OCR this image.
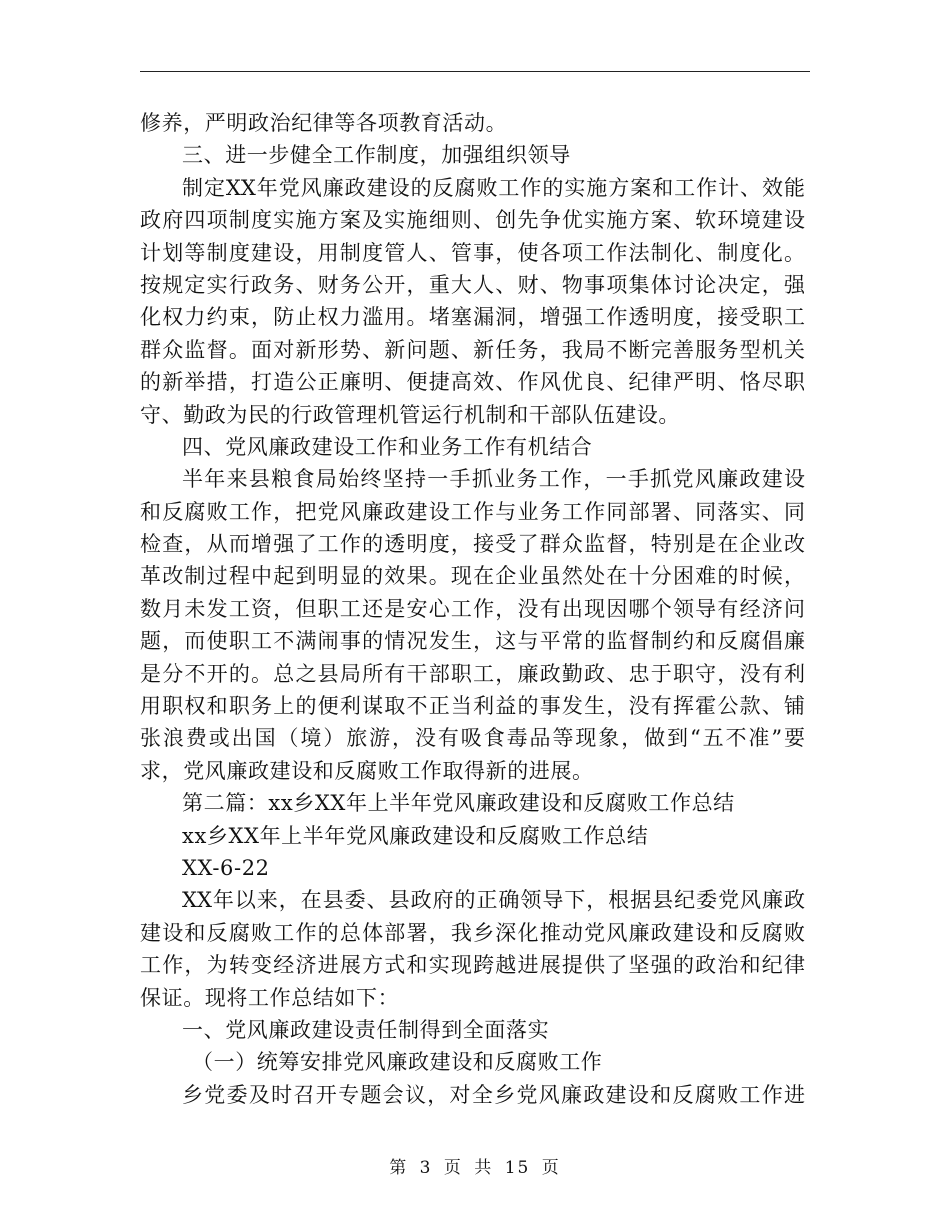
修养，严明政治纪律等各项教育活动。
三、进一步健全工作制度，加强组织领导
制定XX年党风廉政建设的反腐败工作的实施方案和工作计、效能
政府四项制度实施方案及实施细则、创先争优实施方案、软环境建设
计划等制度建设，用制度管人、管事，使各项工作法制化、制度化。
按规定实行政务、财务公开，重大人、财、物事项集体讨论决定，强
化权力约束，防止权力滥用。堵塞漏洞，增强工作透明度，接受职工
群众监督。面对新形势、新问题、新任务，我局不断完善服务型机关
的新举措，打造公正廉明、便捷高效、作风优良、纪律严明、恪尽职
守、勤政为民的行政管理机管运行机制和干部队伍建设。
四、党风廉政建设工作和业务工作有机结合
半年来县粮食局始终坚持一手抓业务工作，一手抓党风廉政建设
和反腐败工作，把党风廉政建设工作与业务工作同部署、同落实、同
检查，从而增强了工作的透明度，接受了群众监督，特别是在企业改
革改制过程中起到明显的效果。现在企业虽然处在十分困难的时候，
数月未发工资，但职工还是安心工作，没有出现因哪个领导有经济问
题，而使职工不满闹事的情况发生，这与平常的监督制约和反腐倡廉
是分不开的。总之县局所有干部职工，廉政勤政、忠于职守，没有利
用职权和职务上的便利谋取不正当利益的事发生，没有挥霍公款、铺
张浪费或出国（境）旅游，没有吸食毒品等现象，做到“五不准”要
求，党风廉政建设和反腐败工作取得新的进展。
第二篇：xx乡XX年上半年党风廉政建设和反腐败工作总结
xx乡XX年上半年党风廉政建设和反腐败工作总结
XX-6-22
XX年以来，在县委、县政府的正确领导下，根据县纪委党风廉政
建设和反腐败工作的总体部署，我乡深化推动党风廉政建设和反腐败
工作，为转变经济进展方式和实现跨越进展提供了坚强的政治和纪律
保证。现将工作总结如下：
一、党风廉政建设责任制得到全面落实
（一）统筹安排党风廉政建设和反腐败工作
乡党委及时召开专题会议，对全乡党风廉政建设和反腐败工作进
第 3 页 共 15 页
